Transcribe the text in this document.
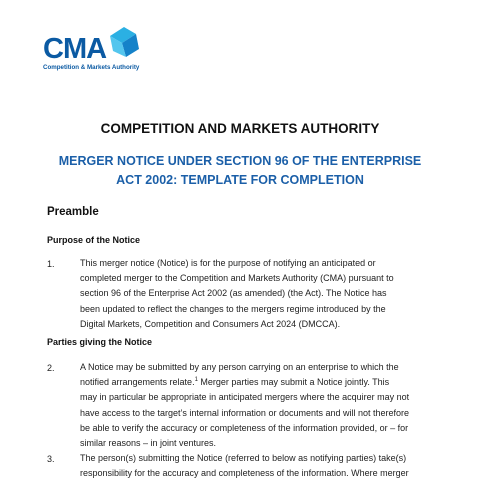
CMA
Competition & Markets Authority
COMPETITION AND MARKETS AUTHORITY
MERGER NOTICE UNDER SECTION 96 OF THE ENTERPRISE
ACT 2002: TEMPLATE FOR COMPLETION
Preamble
Purpose of the Notice
1.	This merger notice (Notice) is for the purpose of notifying an anticipated or
completed merger to the Competition and Markets Authority (CMA) pursuant to
section 96 of the Enterprise Act 2002 (as amended) (the Act). The Notice has
been updated to reflect the changes to the mergers regime introduced by the
Digital Markets, Competition and Consumers Act 2024 (DMCCA).
Parties giving the Notice
2.	A Notice may be submitted by any person carrying on an enterprise to which the
notified arrangements relate.$^1$ Merger parties may submit a Notice jointly. This
may in particular be appropriate in anticipated mergers where the acquirer may not
have access to the target’s internal information or documents and will not therefore
be able to verify the accuracy or completeness of the information provided, or – for
similar reasons – in joint ventures.
3.	The person(s) submitting the Notice (referred to below as notifying parties) take(s)
responsibility for the accuracy and completeness of the information. Where merger
